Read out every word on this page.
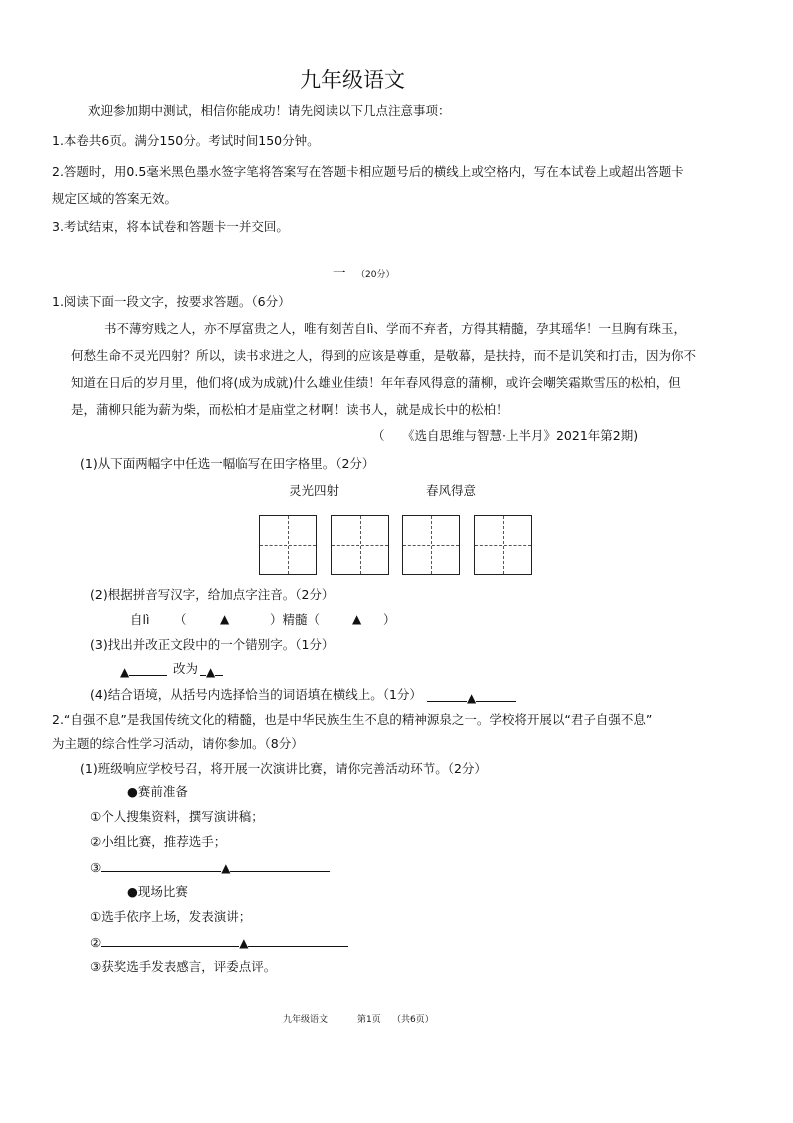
九年级语文
欢迎参加期中测试，相信你能成功！请先阅读以下几点注意事项：
1.本卷共6页。满分150分。考试时间150分钟。
2.答题时，用0.5毫米黑色墨水签字笔将答案写在答题卡相应题号后的横线上或空格内，写在本试卷上或超出答题卡
规定区域的答案无效。
3.考试结束，将本试卷和答题卡一并交回。
一 （20分）
1.阅读下面一段文字，按要求答题。（6分）
书不薄穷贱之人，亦不厚富贵之人，唯有刻苦自lì、学而不弃者，方得其精髓，孕其瑶华！一旦胸有珠玉，
何愁生命不灵光四射？所以，读书求进之人，得到的应该是尊重，是敬幕，是扶持，而不是讥笑和打击，因为你不
知道在日后的岁月里，他们将(成为成就)什么雄业佳绩！年年春风得意的蒲柳，或许会嘲笑霜欺雪压的松柏，但
是，蒲柳只能为薪为柴，而松柏才是庙堂之材啊！读书人，就是成长中的松柏！
（ 《选自思维与智慧·上半月》2021年第2期)
(1)从下面两幅字中任选一幅临写在田字格里。（2分）
灵光四射	春风得意
(2)根据拼音写汉字，给加点字注音。（2分）
自lì （	▲	）精髓（	▲ ）
(3)找出并改正文段中的一个错别字。（1分）
▲	改为 ▲
(4)结合语境，从括号内选择恰当的词语填在横线上。（1分）	▲
2.“自强不息”是我国传统文化的精髓，也是中华民族生生不息的精神源泉之一。学校将开展以“君子自强不息”
为主题的综合性学习活动，请你参加。（8分）
(1)班级响应学校号召，将开展一次演讲比赛，请你完善活动环节。（2分）
●赛前准备
①个人搜集资料，撰写演讲稿；
②小组比赛，推荐选手；
③	▲
●现场比赛
①选手依序上场，发表演讲；
②	▲
③获奖选手发表感言，评委点评。
九年级语文	第1页 （共6页）
